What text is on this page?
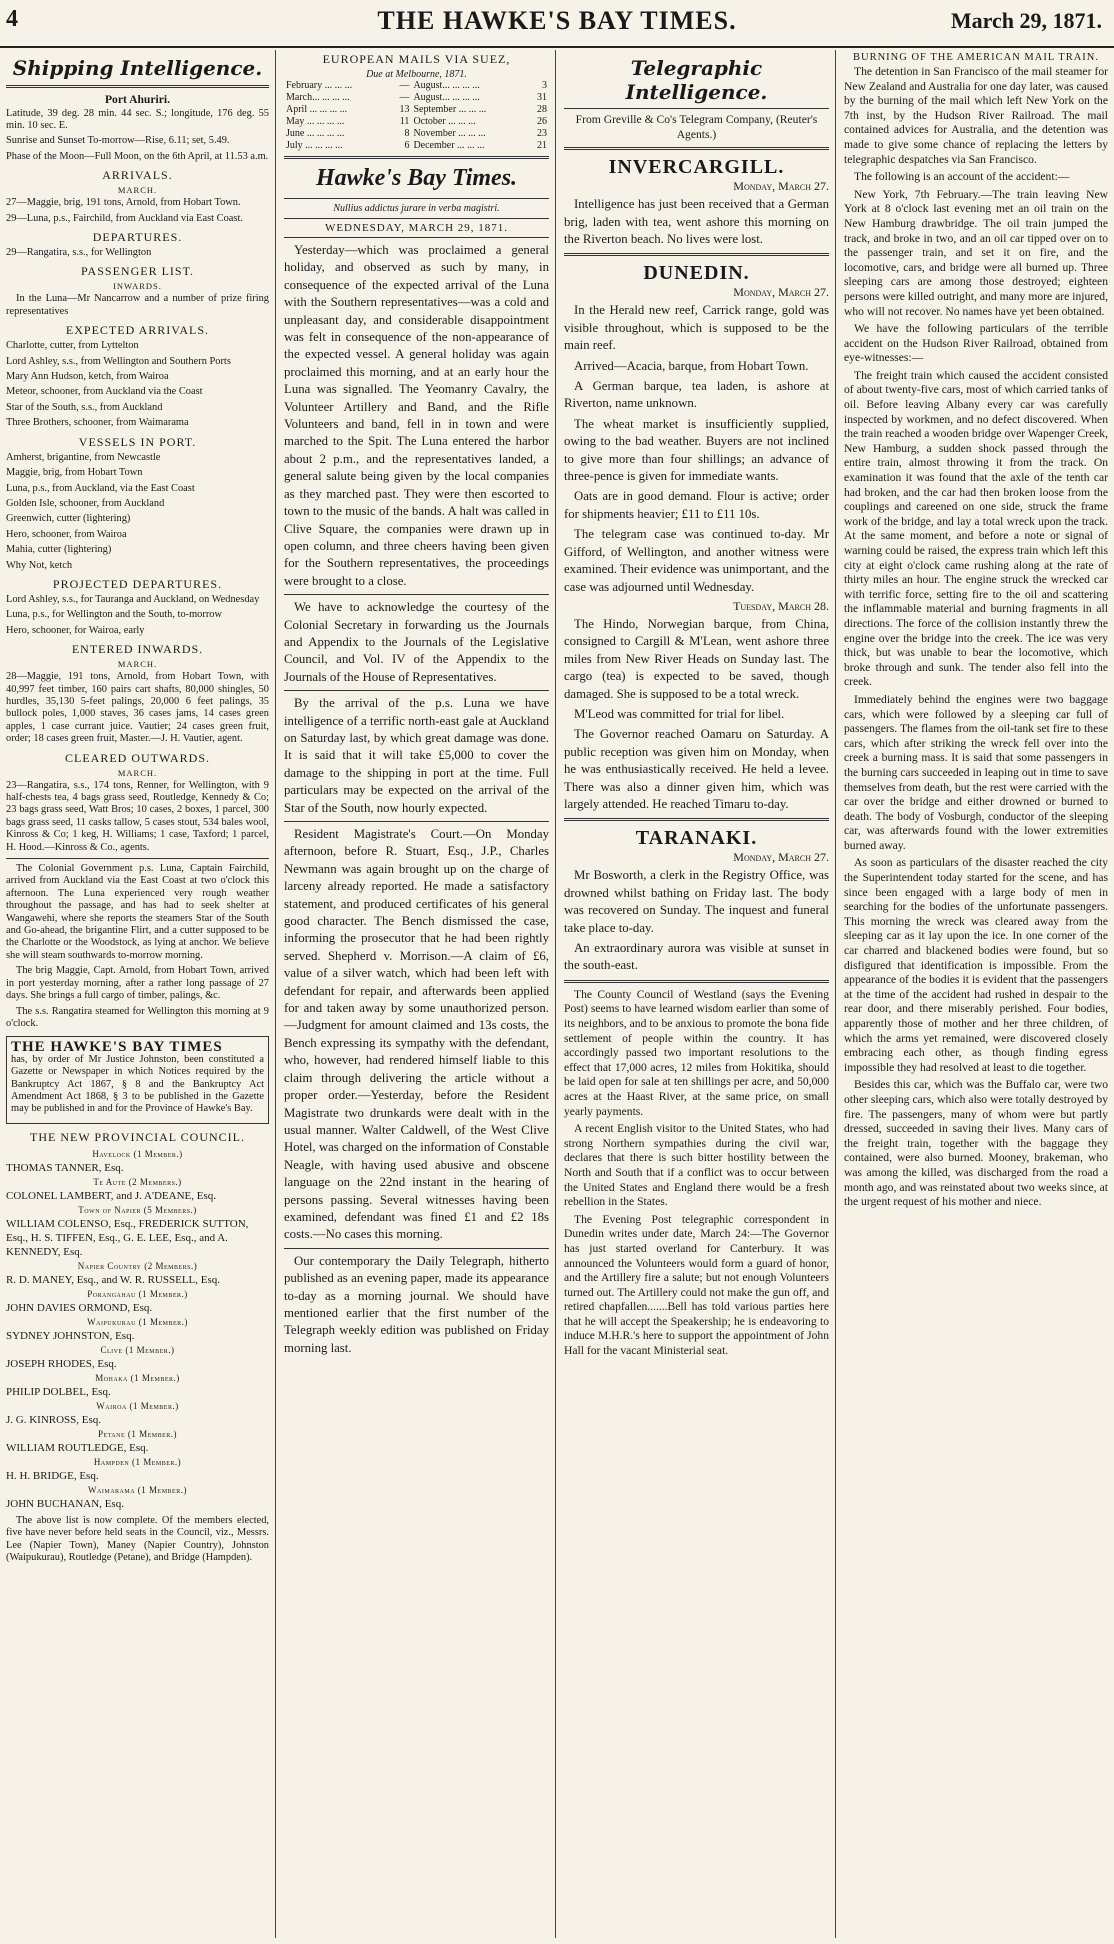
4	THE HAWKE'S BAY TIMES.	March 29, 1871.
Shipping Intelligence.
Port Ahuriri.

Latitude, 39 deg. 28 min. 44 sec. S.; longitude, 176 deg. 55 min. 10 sec. E.

Sunrise and Sunset To-morrow—Rise, 6.11; set, 5.49.

Phase of the Moon—Full Moon, on the 6th April, at 11.53 a.m.

ARRIVALS.
MARCH.

27—Maggie, brig, 191 tons, Arnold, from Hobart Town.

29—Luna, p.s., Fairchild, from Auckland via East Coast.

DEPARTURES.

29—Rangatira, s.s., for Wellington

PASSENGER LIST.
INWARDS.

In the Luna—Mr Nancarrow and a number of prize firing representatives

EXPECTED ARRIVALS.

Charlotte, cutter, from Lyttelton

Lord Ashley, s.s., from Wellington and Southern Ports

Mary Ann Hudson, ketch, from Wairoa

Meteor, schooner, from Auckland via the Coast

Star of the South, s.s., from Auckland

Three Brothers, schooner, from Waimarama

VESSELS IN PORT.

Amherst, brigantine, from Newcastle

Maggie, brig, from Hobart Town

Luna, p.s., from Auckland, via the East Coast

Golden Isle, schooner, from Auckland

Greenwich, cutter (lightering)

Hero, schooner, from Wairoa

Mahia, cutter (lightering)

Why Not, ketch

PROJECTED DEPARTURES.

Lord Ashley, s.s., for Tauranga and Auckland, on Wednesday

Luna, p.s., for Wellington and the South, to-morrow

Hero, schooner, for Wairoa, early

ENTERED INWARDS.
MARCH.

28—Maggie, 191 tons, Arnold, from Hobart Town, with 40,997 feet timber, 160 pairs cart shafts, 80,000 shingles, 50 hurdles, 35,130 5-feet palings, 20,000 6 feet palings, 35 bullock poles, 1,000 staves, 36 cases jams, 14 cases green apples, 1 case currant juice. Vautier; 24 cases green fruit, order; 18 cases green fruit, Master.—J. H. Vautier, agent.

CLEARED OUTWARDS.
MARCH.

23—Rangatira, s.s., 174 tons, Renner, for Wellington, with 9 half-chests tea, 4 bags grass seed, Routledge, Kennedy & Co; 23 bags grass seed, Watt Bros; 10 cases, 2 boxes, 1 parcel, 300 bags grass seed, 11 casks tallow, 5 cases stout, 534 bales wool, Kinross & Co; 1 keg, H. Williams; 1 case, Taxford; 1 parcel, H. Hood.—Kinross & Co., agents.

The Colonial Government p.s. Luna, Captain Fairchild, arrived from Auckland via the East Coast at two o'clock this afternoon. The Luna experienced very rough weather throughout the passage, and has had to seek shelter at Wangawehi, where she reports the steamers Star of the South and Go-ahead, the brigantine Flirt, and a cutter supposed to be the Charlotte or the Woodstock, as lying at anchor. We believe she will steam southwards to-morrow morning.

The brig Maggie, Capt. Arnold, from Hobart Town, arrived in port yesterday morning, after a rather long passage of 27 days. She brings a full cargo of timber, palings, &c.

The s.s. Rangatira steamed for Wellington this morning at 9 o'clock.

THE HAWKE'S BAY TIMES

has, by order of Mr Justice Johnston, been constituted a Gazette or Newspaper in which Notices required by the Bankruptcy Act 1867, § 8 and the Bankruptcy Act Amendment Act 1868, § 3 to be published in the Gazette may be published in and for the Province of Hawke's Bay.

THE NEW PROVINCIAL COUNCIL.
Havelock (1 Member.)
THOMAS TANNER, Esq.
Te Aute (2 Members.)
COLONEL LAMBERT, and J. A'DEANE, Esq.
Town of Napier (5 Members.)
WILLIAM COLENSO, Esq., FREDERICK SUTTON, Esq., H. S. TIFFEN, Esq., G. E. LEE, Esq., and A. KENNEDY, Esq.
Napier Country (2 Members.)
R. D. MANEY, Esq., and W. R. RUSSELL, Esq.
Porangahau (1 Member.)
JOHN DAVIES ORMOND, Esq.
Waipukurau (1 Member.)
SYDNEY JOHNSTON, Esq.
Clive (1 Member.)
JOSEPH RHODES, Esq.
Mohaka (1 Member.)
PHILIP DOLBEL, Esq.
Wairoa (1 Member.)
J. G. KINROSS, Esq.
Petane (1 Member.)
WILLIAM ROUTLEDGE, Esq.
Hampden (1 Member.)
H. H. BRIDGE, Esq.
Waimarama (1 Member.)
JOHN BUCHANAN, Esq.

The above list is now complete. Of the members elected, five have never before held seats in the Council, viz., Messrs. Lee (Napier Town), Maney (Napier Country), Johnston (Waipukurau), Routledge (Petane), and Bridge (Hampden).

EUROPEAN MAILS VIA SUEZ,
Due at Melbourne, 1871.
February ... ... ...	—	August... ... ... ...	3
March... ... ... ...	—	August... ... ... ...	31
April ... ... ... ...	13	September ... ... ...	28
May ... ... ... ...	11	October ... ... ...	26
June ... ... ... ...	8	November ... ... ...	23
July ... ... ... ...	6	December ... ... ...	21
Hawke's Bay Times.
Nullius addictus jurare in verba magistri.
WEDNESDAY, MARCH 29, 1871.

Yesterday—which was proclaimed a general holiday, and observed as such by many, in consequence of the expected arrival of the Luna with the Southern representatives—was a cold and unpleasant day, and considerable disappointment was felt in consequence of the non-appearance of the expected vessel. A general holiday was again proclaimed this morning, and at an early hour the Luna was signalled. The Yeomanry Cavalry, the Volunteer Artillery and Band, and the Rifle Volunteers and band, fell in in town and were marched to the Spit. The Luna entered the harbor about 2 p.m., and the representatives landed, a general salute being given by the local companies as they marched past. They were then escorted to town to the music of the bands. A halt was called in Clive Square, the companies were drawn up in open column, and three cheers having been given for the Southern representatives, the proceedings were brought to a close.

We have to acknowledge the courtesy of the Colonial Secretary in forwarding us the Journals and Appendix to the Journals of the Legislative Council, and Vol. IV of the Appendix to the Journals of the House of Representatives.

By the arrival of the p.s. Luna we have intelligence of a terrific north-east gale at Auckland on Saturday last, by which great damage was done. It is said that it will take £5,000 to cover the damage to the shipping in port at the time. Full particulars may be expected on the arrival of the Star of the South, now hourly expected.

Resident Magistrate's Court.—On Monday afternoon, before R. Stuart, Esq., J.P., Charles Newmann was again brought up on the charge of larceny already reported. He made a satisfactory statement, and produced certificates of his general good character. The Bench dismissed the case, informing the prosecutor that he had been rightly served. Shepherd v. Morrison.—A claim of £6, value of a silver watch, which had been left with defendant for repair, and afterwards been applied for and taken away by some unauthorized person.—Judgment for amount claimed and 13s costs, the Bench expressing its sympathy with the defendant, who, however, had rendered himself liable to this claim through delivering the article without a proper order.—Yesterday, before the Resident Magistrate two drunkards were dealt with in the usual manner. Walter Caldwell, of the West Clive Hotel, was charged on the information of Constable Neagle, with having used abusive and obscene language on the 22nd instant in the hearing of persons passing. Several witnesses having been examined, defendant was fined £1 and £2 18s costs.—No cases this morning.

Our contemporary the Daily Telegraph, hitherto published as an evening paper, made its appearance to-day as a morning journal. We should have mentioned earlier that the first number of the Telegraph weekly edition was published on Friday morning last.

Telegraphic Intelligence.
From Greville & Co's Telegram Company, (Reuter's Agents.)
INVERCARGILL.
Monday, March 27.

Intelligence has just been received that a German brig, laden with tea, went ashore this morning on the Riverton beach. No lives were lost.

DUNEDIN.
Monday, March 27.

In the Herald new reef, Carrick range, gold was visible throughout, which is supposed to be the main reef.

Arrived—Acacia, barque, from Hobart Town.

A German barque, tea laden, is ashore at Riverton, name unknown.

The wheat market is insufficiently supplied, owing to the bad weather. Buyers are not inclined to give more than four shillings; an advance of three-pence is given for immediate wants.

Oats are in good demand. Flour is active; order for shipments heavier; £11 to £11 10s.

The telegram case was continued to-day. Mr Gifford, of Wellington, and another witness were examined. Their evidence was unimportant, and the case was adjourned until Wednesday.

Tuesday, March 28.

The Hindo, Norwegian barque, from China, consigned to Cargill & M'Lean, went ashore three miles from New River Heads on Sunday last. The cargo (tea) is expected to be saved, though damaged. She is supposed to be a total wreck.

M'Leod was committed for trial for libel.

The Governor reached Oamaru on Saturday. A public reception was given him on Monday, when he was enthusiastically received. He held a levee. There was also a dinner given him, which was largely attended. He reached Timaru to-day.

TARANAKI.
Monday, March 27.

Mr Bosworth, a clerk in the Registry Office, was drowned whilst bathing on Friday last. The body was recovered on Sunday. The inquest and funeral take place to-day.

An extraordinary aurora was visible at sunset in the south-east.

The County Council of Westland (says the Evening Post) seems to have learned wisdom earlier than some of its neighbors, and to be anxious to promote the bona fide settlement of people within the country. It has accordingly passed two important resolutions to the effect that 17,000 acres, 12 miles from Hokitika, should be laid open for sale at ten shillings per acre, and 50,000 acres at the Haast River, at the same price, on small yearly payments.

A recent English visitor to the United States, who had strong Northern sympathies during the civil war, declares that there is such bitter hostility between the North and South that if a conflict was to occur between the United States and England there would be a fresh rebellion in the States.

The Evening Post telegraphic correspondent in Dunedin writes under date, March 24:—The Governor has just started overland for Canterbury. It was announced the Volunteers would form a guard of honor, and the Artillery fire a salute; but not enough Volunteers turned out. The Artillery could not make the gun off, and retired chapfallen.......Bell has told various parties here that he will accept the Speakership; he is endeavoring to induce M.H.R.'s here to support the appointment of John Hall for the vacant Ministerial seat.

BURNING OF THE AMERICAN MAIL TRAIN.

The detention in San Francisco of the mail steamer for New Zealand and Australia for one day later, was caused by the burning of the mail which left New York on the 7th inst, by the Hudson River Railroad. The mail contained advices for Australia, and the detention was made to give some chance of replacing the letters by telegraphic despatches via San Francisco.

The following is an account of the accident:—

New York, 7th February.—The train leaving New York at 8 o'clock last evening met an oil train on the New Hamburg drawbridge. The oil train jumped the track, and broke in two, and an oil car tipped over on to the passenger train, and set it on fire, and the locomotive, cars, and bridge were all burned up. Three sleeping cars are among those destroyed; eighteen persons were killed outright, and many more are injured, who will not recover. No names have yet been obtained.

We have the following particulars of the terrible accident on the Hudson River Railroad, obtained from eye-witnesses:—

The freight train which caused the accident consisted of about twenty-five cars, most of which carried tanks of oil. Before leaving Albany every car was carefully inspected by workmen, and no defect discovered. When the train reached a wooden bridge over Wapenger Creek, New Hamburg, a sudden shock passed through the entire train, almost throwing it from the track. On examination it was found that the axle of the tenth car had broken, and the car had then broken loose from the couplings and careened on one side, struck the frame work of the bridge, and lay a total wreck upon the track. At the same moment, and before a note or signal of warning could be raised, the express train which left this city at eight o'clock came rushing along at the rate of thirty miles an hour. The engine struck the wrecked car with terrific force, setting fire to the oil and scattering the inflammable material and burning fragments in all directions. The force of the collision instantly threw the engine over the bridge into the creek. The ice was very thick, but was unable to bear the locomotive, which broke through and sunk. The tender also fell into the creek.

Immediately behind the engines were two baggage cars, which were followed by a sleeping car full of passengers. The flames from the oil-tank set fire to these cars, which after striking the wreck fell over into the creek a burning mass. It is said that some passengers in the burning cars succeeded in leaping out in time to save themselves from death, but the rest were carried with the car over the bridge and either drowned or burned to death. The body of Vosburgh, conductor of the sleeping car, was afterwards found with the lower extremities burned away.

As soon as particulars of the disaster reached the city the Superintendent today started for the scene, and has since been engaged with a large body of men in searching for the bodies of the unfortunate passengers. This morning the wreck was cleared away from the sleeping car as it lay upon the ice. In one corner of the car charred and blackened bodies were found, but so disfigured that identification is impossible. From the appearance of the bodies it is evident that the passengers at the time of the accident had rushed in despair to the rear door, and there miserably perished. Four bodies, apparently those of mother and her three children, of which the arms yet remained, were discovered closely embracing each other, as though finding egress impossible they had resolved at least to die together.

Besides this car, which was the Buffalo car, were two other sleeping cars, which also were totally destroyed by fire. The passengers, many of whom were but partly dressed, succeeded in saving their lives. Many cars of the freight train, together with the baggage they contained, were also burned. Mooney, brakeman, who was among the killed, was discharged from the road a month ago, and was reinstated about two weeks since, at the urgent request of his mother and niece.
